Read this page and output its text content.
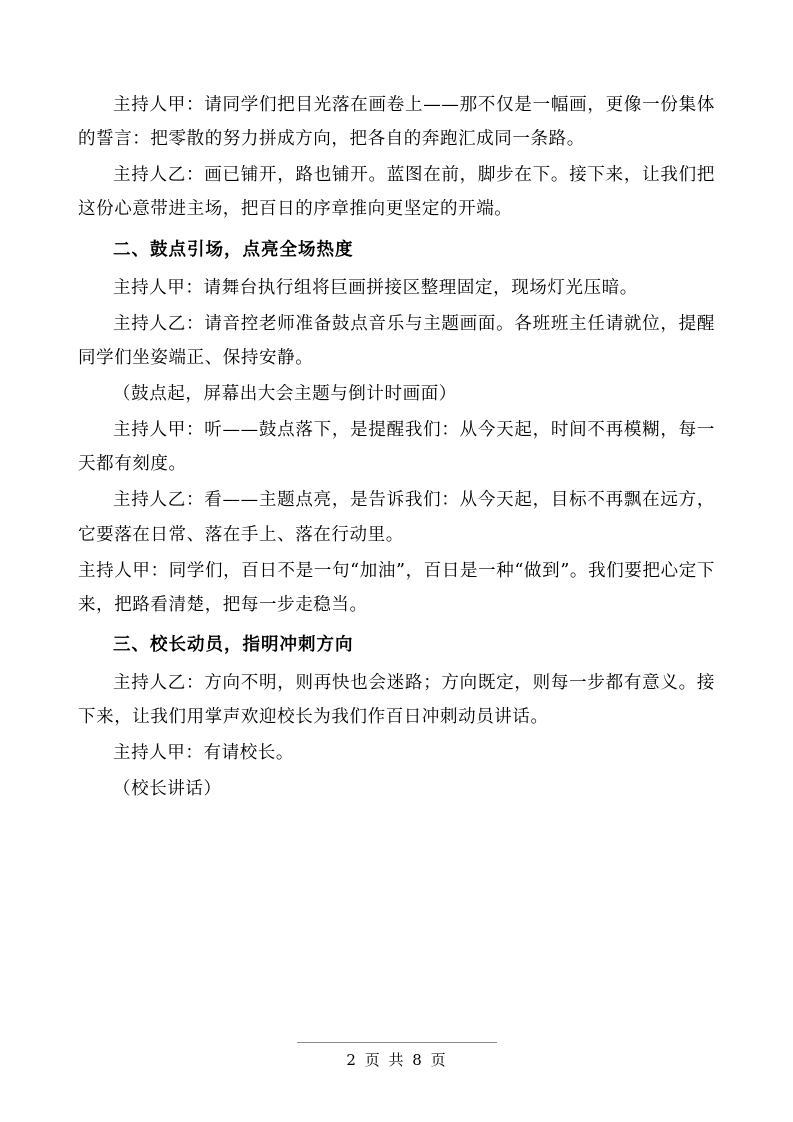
主持人甲：请同学们把目光落在画卷上——那不仅是一幅画，更像一份集体的誓言：把零散的努力拼成方向，把各自的奔跑汇成同一条路。

主持人乙：画已铺开，路也铺开。蓝图在前，脚步在下。接下来，让我们把这份心意带进主场，把百日的序章推向更坚定的开端。

二、鼓点引场，点亮全场热度

主持人甲：请舞台执行组将巨画拼接区整理固定，现场灯光压暗。

主持人乙：请音控老师准备鼓点音乐与主题画面。各班班主任请就位，提醒同学们坐姿端正、保持安静。

（鼓点起，屏幕出大会主题与倒计时画面）

主持人甲：听——鼓点落下，是提醒我们：从今天起，时间不再模糊，每一天都有刻度。

主持人乙：看——主题点亮，是告诉我们：从今天起，目标不再飘在远方，它要落在日常、落在手上、落在行动里。

主持人甲：同学们，百日不是一句“加油”，百日是一种“做到”。我们要把心定下来，把路看清楚，把每一步走稳当。

三、校长动员，指明冲刺方向

主持人乙：方向不明，则再快也会迷路；方向既定，则每一步都有意义。接下来，让我们用掌声欢迎校长为我们作百日冲刺动员讲话。

主持人甲：有请校长。

（校长讲话）

2 页 共 8 页
